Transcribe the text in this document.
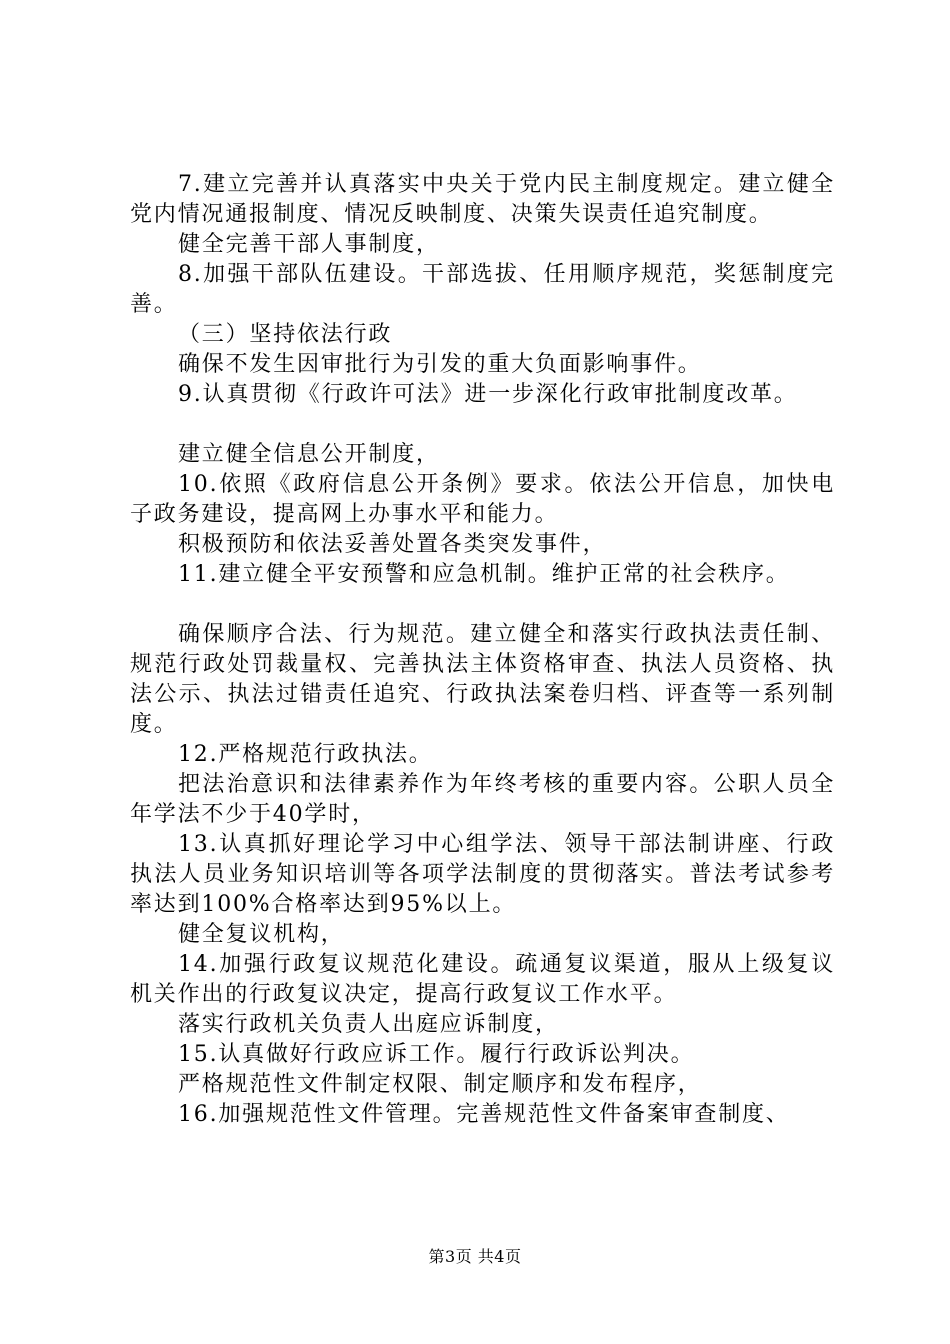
7.建立完善并认真落实中央关于党内民主制度规定。建立健全党内情况通报制度、情况反映制度、决策失误责任追究制度。

健全完善干部人事制度，

8.加强干部队伍建设。干部选拔、任用顺序规范，奖惩制度完善。

（三）坚持依法行政

确保不发生因审批行为引发的重大负面影响事件。

9.认真贯彻《行政许可法》进一步深化行政审批制度改革。

建立健全信息公开制度，

10.依照《政府信息公开条例》要求。依法公开信息，加快电子政务建设，提高网上办事水平和能力。

积极预防和依法妥善处置各类突发事件，

11.建立健全平安预警和应急机制。维护正常的社会秩序。

确保顺序合法、行为规范。建立健全和落实行政执法责任制、规范行政处罚裁量权、完善执法主体资格审查、执法人员资格、执法公示、执法过错责任追究、行政执法案卷归档、评查等一系列制度。

12.严格规范行政执法。

把法治意识和法律素养作为年终考核的重要内容。公职人员全年学法不少于40学时，

13.认真抓好理论学习中心组学法、领导干部法制讲座、行政执法人员业务知识培训等各项学法制度的贯彻落实。普法考试参考率达到100%合格率达到95%以上。

健全复议机构，

14.加强行政复议规范化建设。疏通复议渠道，服从上级复议机关作出的行政复议决定，提高行政复议工作水平。

落实行政机关负责人出庭应诉制度，

15.认真做好行政应诉工作。履行行政诉讼判决。

严格规范性文件制定权限、制定顺序和发布程序，

16.加强规范性文件管理。完善规范性文件备案审查制度、

第3页 共4页
